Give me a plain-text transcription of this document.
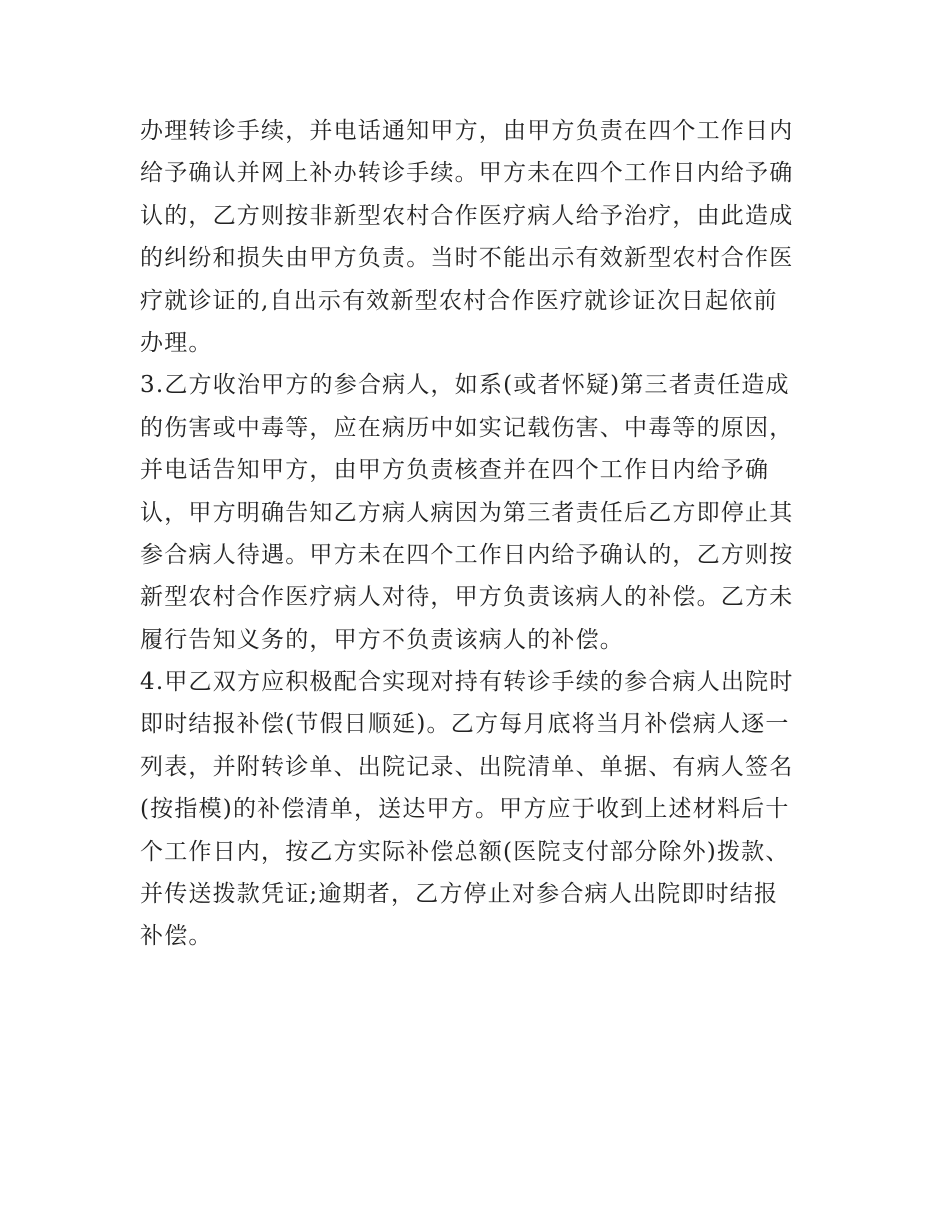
办理转诊手续，并电话通知甲方，由甲方负责在四个工作日内
给予确认并网上补办转诊手续。甲方未在四个工作日内给予确
认的，乙方则按非新型农村合作医疗病人给予治疗，由此造成
的纠纷和损失由甲方负责。当时不能出示有效新型农村合作医
疗就诊证的,自出示有效新型农村合作医疗就诊证次日起依前
办理。
3.乙方收治甲方的参合病人，如系(或者怀疑)第三者责任造成
的伤害或中毒等，应在病历中如实记载伤害、中毒等的原因，
并电话告知甲方，由甲方负责核查并在四个工作日内给予确
认，甲方明确告知乙方病人病因为第三者责任后乙方即停止其
参合病人待遇。甲方未在四个工作日内给予确认的，乙方则按
新型农村合作医疗病人对待，甲方负责该病人的补偿。乙方未
履行告知义务的，甲方不负责该病人的补偿。
4.甲乙双方应积极配合实现对持有转诊手续的参合病人出院时
即时结报补偿(节假日顺延)。乙方每月底将当月补偿病人逐一
列表，并附转诊单、出院记录、出院清单、单据、有病人签名
(按指模)的补偿清单，送达甲方。甲方应于收到上述材料后十
个工作日内，按乙方实际补偿总额(医院支付部分除外)拨款、
并传送拨款凭证;逾期者，乙方停止对参合病人出院即时结报
补偿。
